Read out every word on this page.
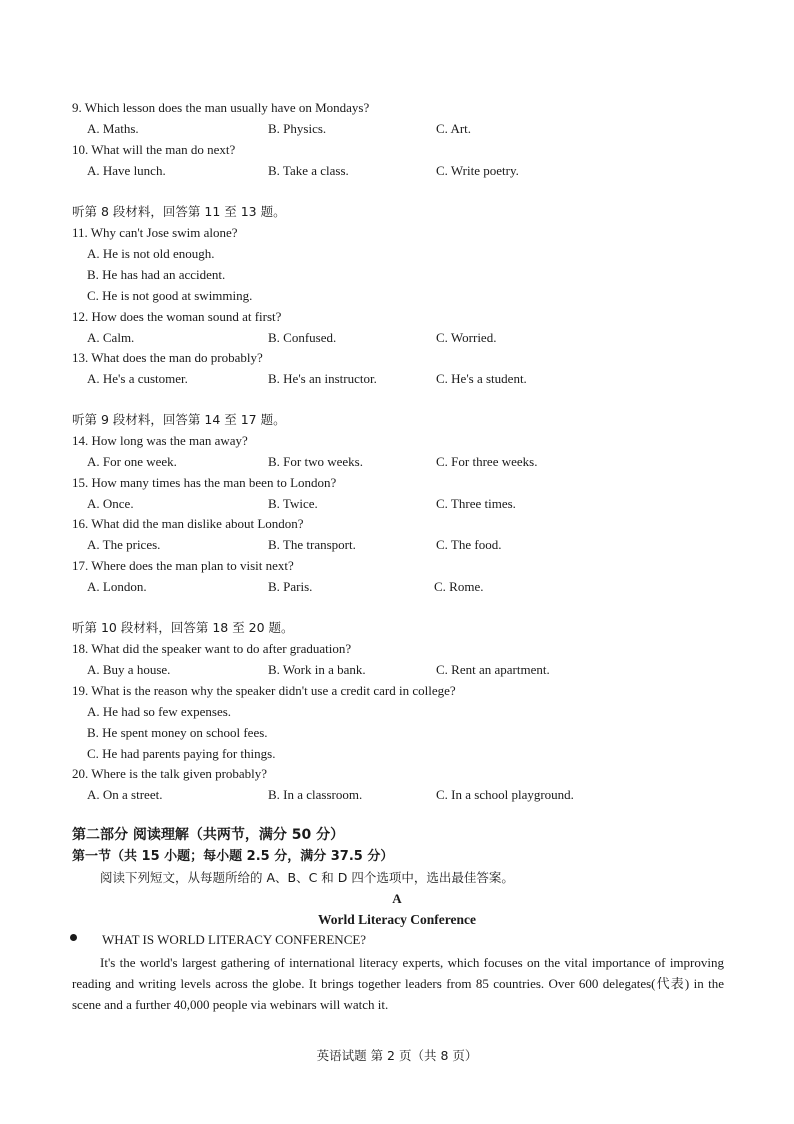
9. Which lesson does the man usually have on Mondays?
A. Maths.	B. Physics.	C. Art.
10. What will the man do next?
A. Have lunch.	B. Take a class.	C. Write poetry.
听第 8 段材料，回答第 11 至 13 题。
11. Why can't Jose swim alone?
A. He is not old enough.
B. He has had an accident.
C. He is not good at swimming.
12. How does the woman sound at first?
A. Calm.	B. Confused.	C. Worried.
13. What does the man do probably?
A. He's a customer.	B. He's an instructor.	C. He's a student.
听第 9 段材料，回答第 14 至 17 题。
14. How long was the man away?
A. For one week.	B. For two weeks.	C. For three weeks.
15. How many times has the man been to London?
A. Once.	B. Twice.	C. Three times.
16. What did the man dislike about London?
A. The prices.	B. The transport.	C. The food.
17. Where does the man plan to visit next?
A. London.	B. Paris.	C. Rome.
听第 10 段材料，回答第 18 至 20 题。
18. What did the speaker want to do after graduation?
A. Buy a house.	B. Work in a bank.	C. Rent an apartment.
19. What is the reason why the speaker didn't use a credit card in college?
A. He had so few expenses.
B. He spent money on school fees.
C. He had parents paying for things.
20. Where is the talk given probably?
A. On a street.	B. In a classroom.	C. In a school playground.
第二部分 阅读理解（共两节，满分 50 分）
第一节（共 15 小题；每小题 2.5 分，满分 37.5 分）
阅读下列短文，从每题所给的 A、B、C 和 D 四个选项中，选出最佳答案。
A
World Literacy Conference
WHAT IS WORLD LITERACY CONFERENCE?
It's the world's largest gathering of international literacy experts, which focuses on the vital importance of improving reading and writing levels across the globe. It brings together leaders from 85 countries. Over 600 delegates(代表) in the scene and a further 40,000 people via webinars will watch it.
英语试题 第 2 页（共 8 页）
